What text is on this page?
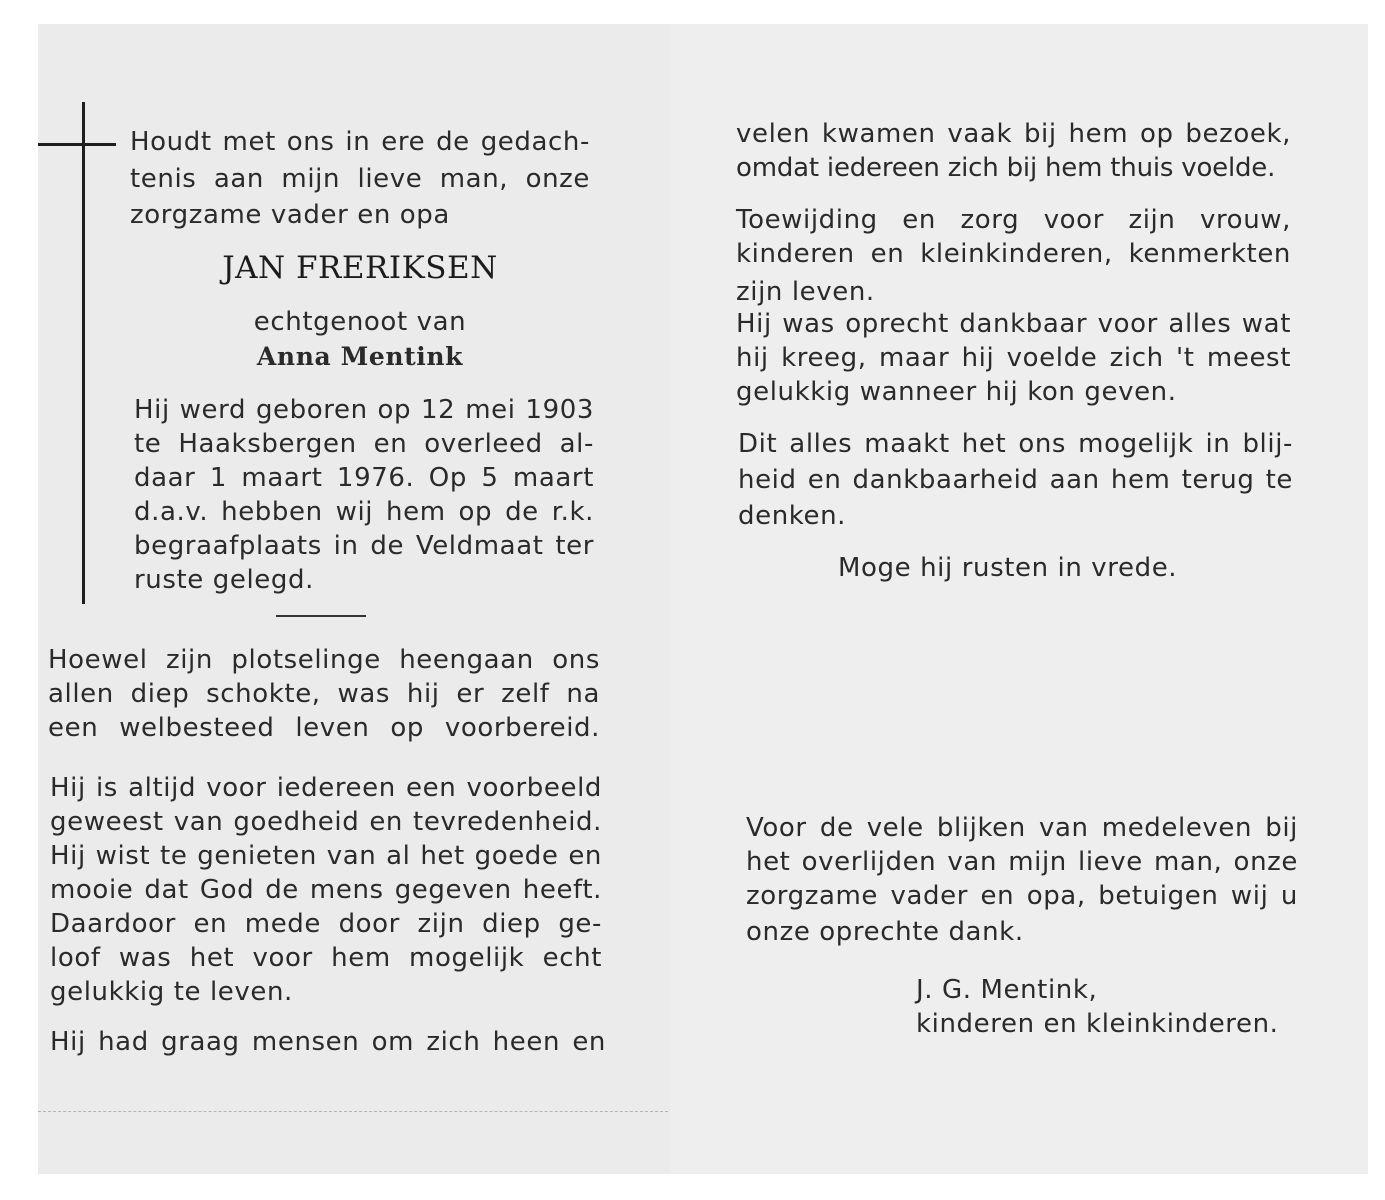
Houdt met ons in ere de gedach-

tenis aan mijn lieve man, onze

zorgzame vader en opa

JAN FRERIKSEN

echtgenoot van

Anna Mentink

Hij werd geboren op 12 mei 1903

te Haaksbergen en overleed al-

daar 1 maart 1976. Op 5 maart

d.a.v. hebben wij hem op de r.k.

begraafplaats in de Veldmaat ter

ruste gelegd.

Hoewel zijn plotselinge heengaan ons

allen diep schokte, was hij er zelf na

een welbesteed leven op voorbereid.

Hij is altijd voor iedereen een voorbeeld

geweest van goedheid en tevredenheid.

Hij wist te genieten van al het goede en

mooie dat God de mens gegeven heeft.

Daardoor en mede door zijn diep ge-

loof was het voor hem mogelijk echt

gelukkig te leven.

Hij had graag mensen om zich heen en

velen kwamen vaak bij hem op bezoek,

omdat iedereen zich bij hem thuis voelde.

Toewijding en zorg voor zijn vrouw,

kinderen en kleinkinderen, kenmerkten

zijn leven.

Hij was oprecht dankbaar voor alles wat

hij kreeg, maar hij voelde zich 't meest

gelukkig wanneer hij kon geven.

Dit alles maakt het ons mogelijk in blij-

heid en dankbaarheid aan hem terug te

denken.

Moge hij rusten in vrede.

Voor de vele blijken van medeleven bij

het overlijden van mijn lieve man, onze

zorgzame vader en opa, betuigen wij u

onze oprechte dank.

J. G. Mentink,

kinderen en kleinkinderen.
